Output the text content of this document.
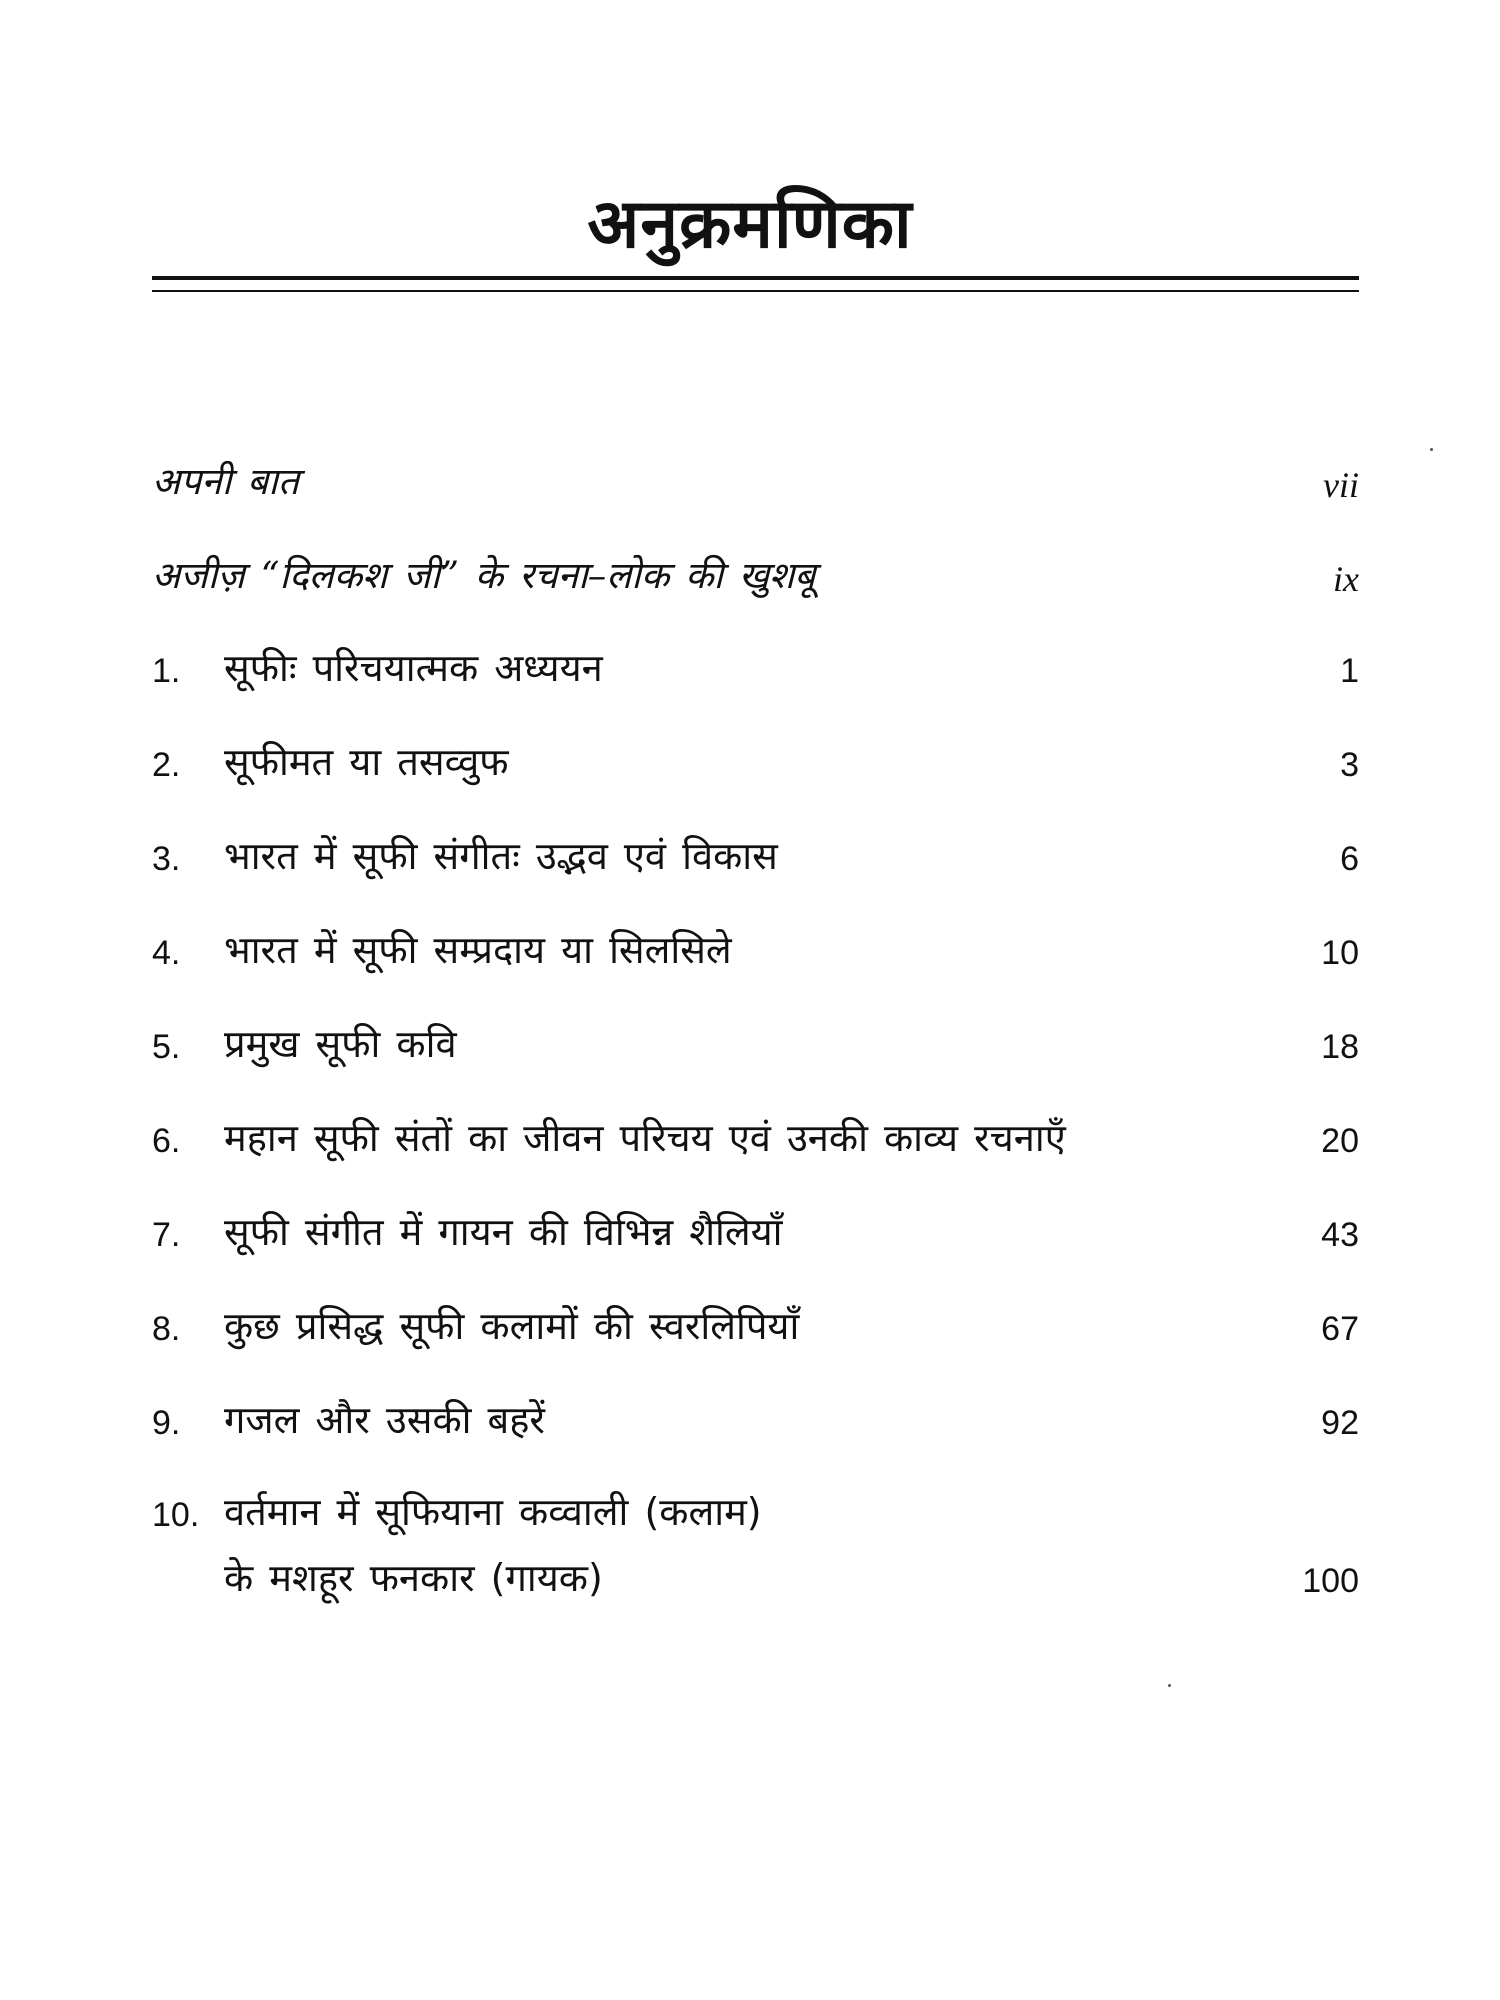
अनुक्रमणिका
अपनी बात	vii
अजीज़ “दिलकश जी” के रचना–लोक की खुशबू	ix
1. सूफीः परिचयात्मक अध्ययन	1
2. सूफीमत या तसव्वुफ	3
3. भारत में सूफी संगीतः उद्भव एवं विकास	6
4. भारत में सूफी सम्प्रदाय या सिलसिले	10
5. प्रमुख सूफी कवि	18
6. महान सूफी संतों का जीवन परिचय एवं उनकी काव्य रचनाएँ	20
7. सूफी संगीत में गायन की विभिन्न शैलियाँ	43
8. कुछ प्रसिद्ध सूफी कलामों की स्वरलिपियाँ	67
9. गजल और उसकी बहरें	92
10. वर्तमान में सूफियाना कव्वाली (कलाम)
के मशहूर फनकार (गायक)	100
